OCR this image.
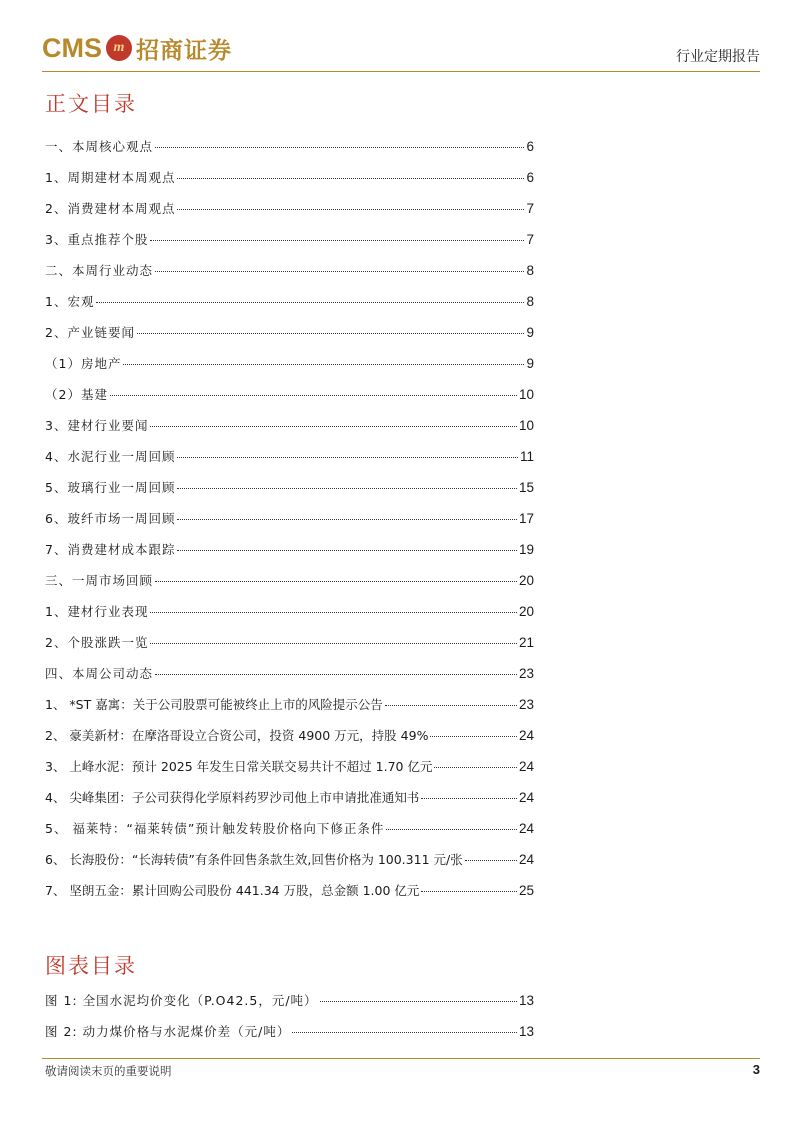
CMS m 招商证券	行业定期报告
正文目录
一、本周核心观点	6
1、周期建材本周观点	6
2、消费建材本周观点	7
3、重点推荐个股	7
二、本周行业动态	8
1、宏观	8
2、产业链要闻	9
（1）房地产	9
（2）基建	10
3、建材行业要闻	10
4、水泥行业一周回顾	11
5、玻璃行业一周回顾	15
6、玻纤市场一周回顾	17
7、消费建材成本跟踪	19
三、一周市场回顾	20
1、建材行业表现	20
2、个股涨跌一览	21
四、本周公司动态	23
1、 *ST 嘉寓：关于公司股票可能被终止上市的风险提示公告	23
2、 豪美新材：在摩洛哥设立合资公司，投资 4900 万元，持股 49%	24
3、 上峰水泥：预计 2025 年发生日常关联交易共计不超过 1.70 亿元	24
4、 尖峰集团：子公司获得化学原料药罗沙司他上市申请批准通知书	24
5、 福莱特：“福莱转债”预计触发转股价格向下修正条件	24
6、 长海股份：“长海转债”有条件回售条款生效,回售价格为 100.311 元/张	24
7、 坚朗五金：累计回购公司股份 441.34 万股，总金额 1.00 亿元	25
图表目录
图 1: 全国水泥均价变化（P.O42.5，元/吨）	13
图 2: 动力煤价格与水泥煤价差（元/吨）	13
敬请阅读末页的重要说明	3
